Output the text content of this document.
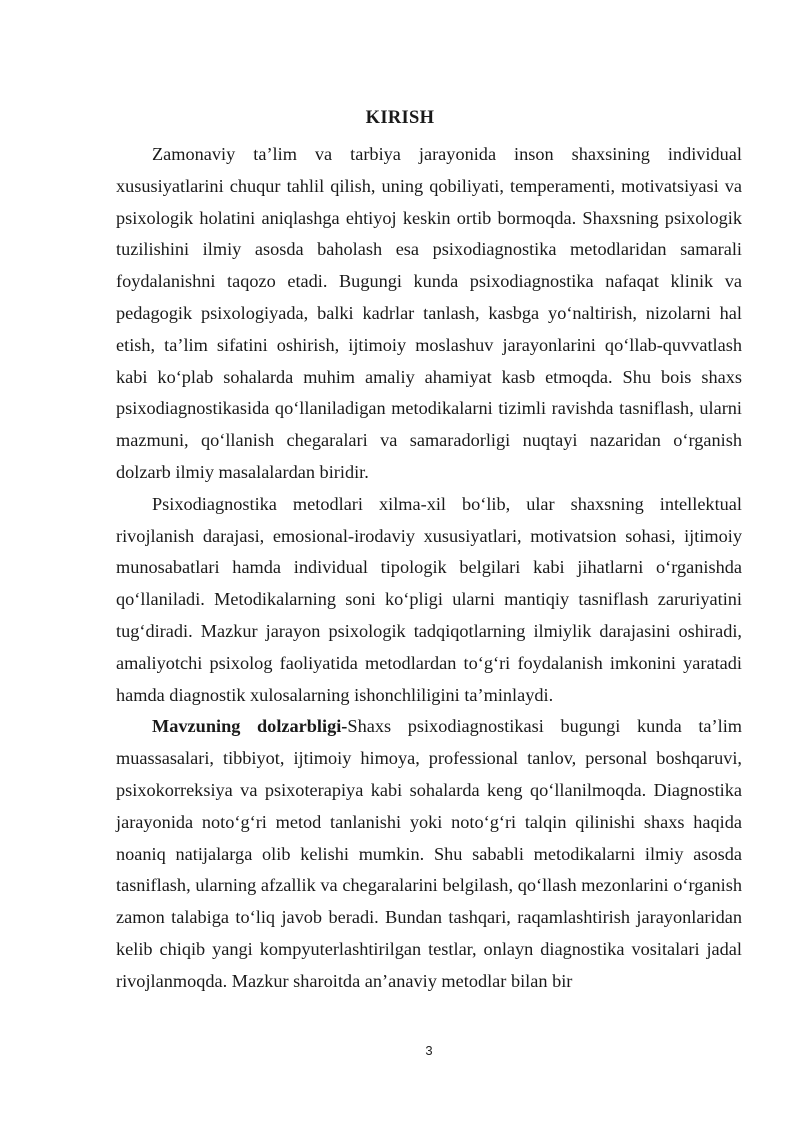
KIRISH

Zamonaviy ta’lim va tarbiya jarayonida inson shaxsining individual xususiyatlarini chuqur tahlil qilish, uning qobiliyati, temperamenti, motivatsiyasi va psixologik holatini aniqlashga ehtiyoj keskin ortib bormoqda. Shaxsning psixologik tuzilishini ilmiy asosda baholash esa psixodiagnostika metodlaridan samarali foydalanishni taqozo etadi. Bugungi kunda psixodiagnostika nafaqat klinik va pedagogik psixologiyada, balki kadrlar tanlash, kasbga yo‘naltirish, nizolarni hal etish, ta’lim sifatini oshirish, ijtimoiy moslashuv jarayonlarini qo‘llab-quvvatlash kabi ko‘plab sohalarda muhim amaliy ahamiyat kasb etmoqda. Shu bois shaxs psixodiagnostikasida qo‘llaniladigan metodikalarni tizimli ravishda tasniflash, ularni mazmuni, qo‘llanish chegaralari va samaradorligi nuqtayi nazaridan o‘rganish dolzarb ilmiy masalalardan biridir.

Psixodiagnostika metodlari xilma-xil bo‘lib, ular shaxsning intellektual rivojlanish darajasi, emosional-irodaviy xususiyatlari, motivatsion sohasi, ijtimoiy munosabatlari hamda individual tipologik belgilari kabi jihatlarni o‘rganishda qo‘llaniladi. Metodikalarning soni ko‘pligi ularni mantiqiy tasniflash zaruriyatini tug‘diradi. Mazkur jarayon psixologik tadqiqotlarning ilmiylik darajasini oshiradi, amaliyotchi psixolog faoliyatida metodlardan to‘g‘ri foydalanish imkonini yaratadi hamda diagnostik xulosalarning ishonchliligini ta’minlaydi.

Mavzuning dolzarbligi-Shaxs psixodiagnostikasi bugungi kunda ta’lim muassasalari, tibbiyot, ijtimoiy himoya, professional tanlov, personal boshqaruvi, psixokorreksiya va psixoterapiya kabi sohalarda keng qo‘llanilmoqda. Diagnostika jarayonida noto‘g‘ri metod tanlanishi yoki noto‘g‘ri talqin qilinishi shaxs haqida noaniq natijalarga olib kelishi mumkin. Shu sababli metodikalarni ilmiy asosda tasniflash, ularning afzallik va chegaralarini belgilash, qo‘llash mezonlarini o‘rganish zamon talabiga to‘liq javob beradi. Bundan tashqari, raqamlashtirish jarayonlaridan kelib chiqib yangi kompyuterlashtirilgan testlar, onlayn diagnostika vositalari jadal rivojlanmoqda. Mazkur sharoitda an’anaviy metodlar bilan bir

3
